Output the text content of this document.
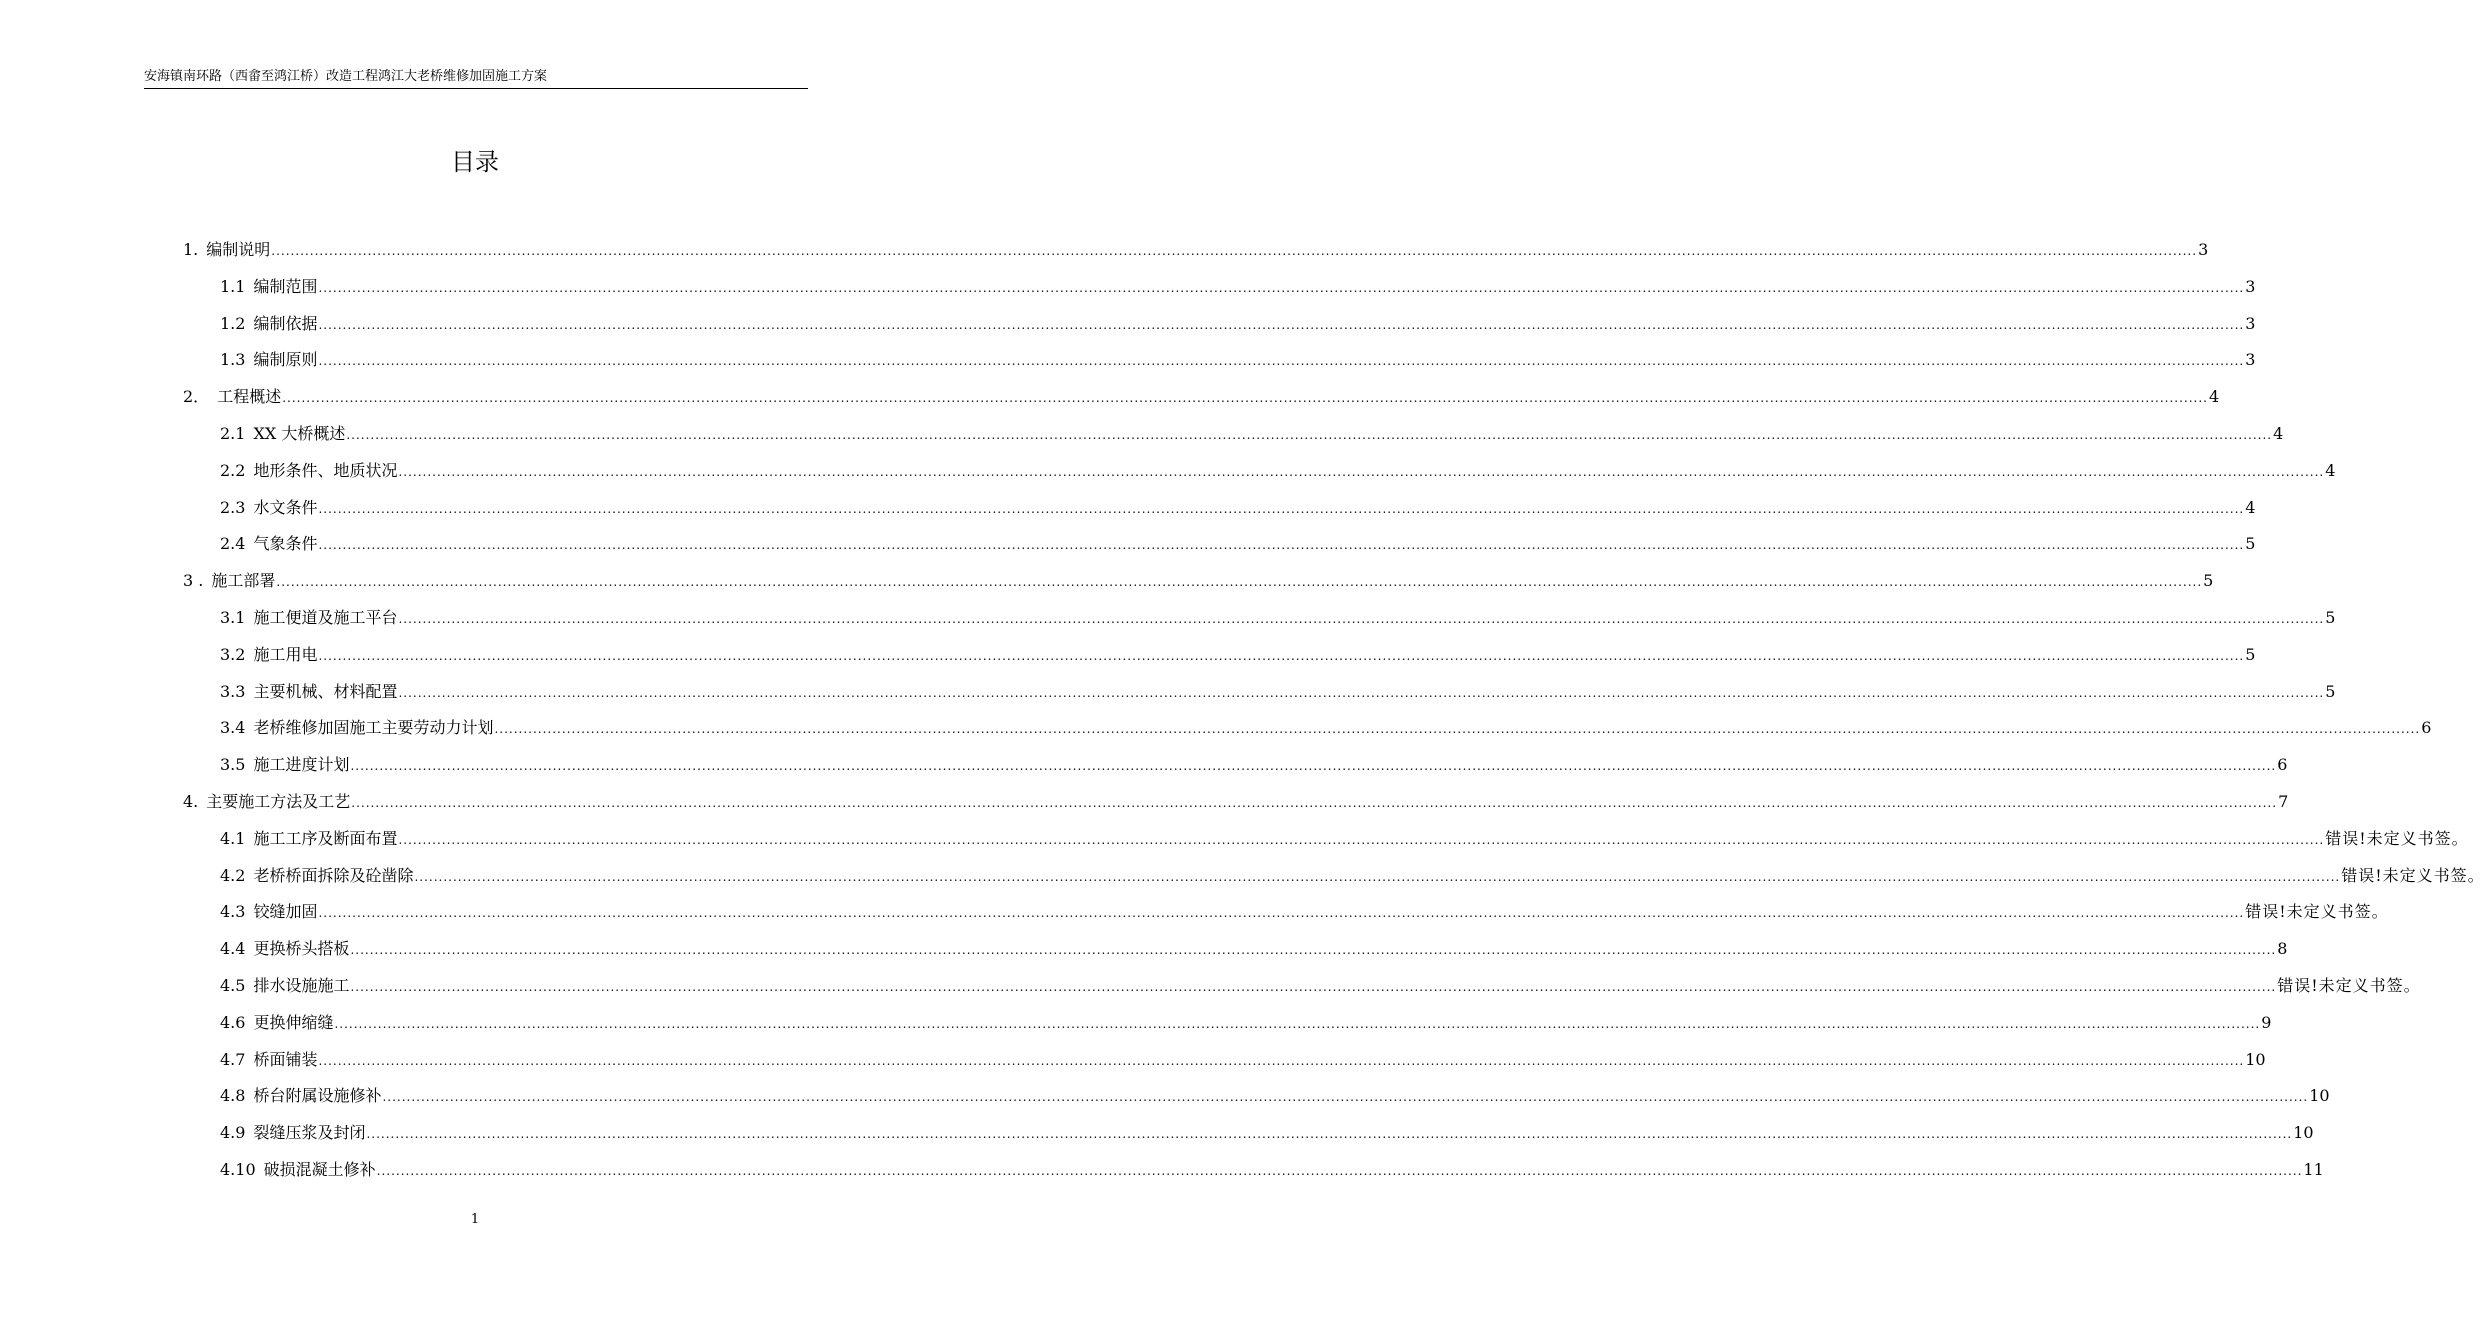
安海镇南环路（西畲至鸿江桥）改造工程鸿江大老桥维修加固施工方案
目录
1. 编制说明 ................................................................................................................................................................................................................................................................................................................................................................................................................ 3
1.1 编制范围 ................................................................................................................................................................................................................................................................................................................................................................................................................ 3
1.2 编制依据 ................................................................................................................................................................................................................................................................................................................................................................................................................ 3
1.3 编制原则 ................................................................................................................................................................................................................................................................................................................................................................................................................ 3
2． 工程概述 ................................................................................................................................................................................................................................................................................................................................................................................................................ 4
2.1 XX 大桥概述 ................................................................................................................................................................................................................................................................................................................................................................................................................ 4
2.2 地形条件、地质状况 ................................................................................................................................................................................................................................................................................................................................................................................................................ 4
2.3 水文条件 ................................................................................................................................................................................................................................................................................................................................................................................................................ 4
2.4 气象条件 ................................................................................................................................................................................................................................................................................................................................................................................................................ 5
3 . 施工部署 ................................................................................................................................................................................................................................................................................................................................................................................................................ 5
3.1 施工便道及施工平台 ................................................................................................................................................................................................................................................................................................................................................................................................................ 5
3.2 施工用电 ................................................................................................................................................................................................................................................................................................................................................................................................................ 5
3.3 主要机械、材料配置 ................................................................................................................................................................................................................................................................................................................................................................................................................ 5
3.4 老桥维修加固施工主要劳动力计划 ................................................................................................................................................................................................................................................................................................................................................................................................................ 6
3.5 施工进度计划 ................................................................................................................................................................................................................................................................................................................................................................................................................ 6
4. 主要施工方法及工艺 ................................................................................................................................................................................................................................................................................................................................................................................................................ 7
4.1 施工工序及断面布置 ................................................................................................................................................................................................................................................................................................................................................................................................................ 错误!未定义书签。
4.2 老桥桥面拆除及砼凿除 ................................................................................................................................................................................................................................................................................................................................................................................................................ 错误!未定义书签。
4.3 铰缝加固 ................................................................................................................................................................................................................................................................................................................................................................................................................ 错误!未定义书签。
4.4 更换桥头搭板 ................................................................................................................................................................................................................................................................................................................................................................................................................ 8
4.5 排水设施施工 ................................................................................................................................................................................................................................................................................................................................................................................................................ 错误!未定义书签。
4.6 更换伸缩缝 ................................................................................................................................................................................................................................................................................................................................................................................................................ 9
4.7 桥面铺装 ................................................................................................................................................................................................................................................................................................................................................................................................................ 10
4.8 桥台附属设施修补 ................................................................................................................................................................................................................................................................................................................................................................................................................ 10
4.9 裂缝压浆及封闭 ................................................................................................................................................................................................................................................................................................................................................................................................................ 10
4.10 破损混凝土修补 ................................................................................................................................................................................................................................................................................................................................................................................................................ 11
1
